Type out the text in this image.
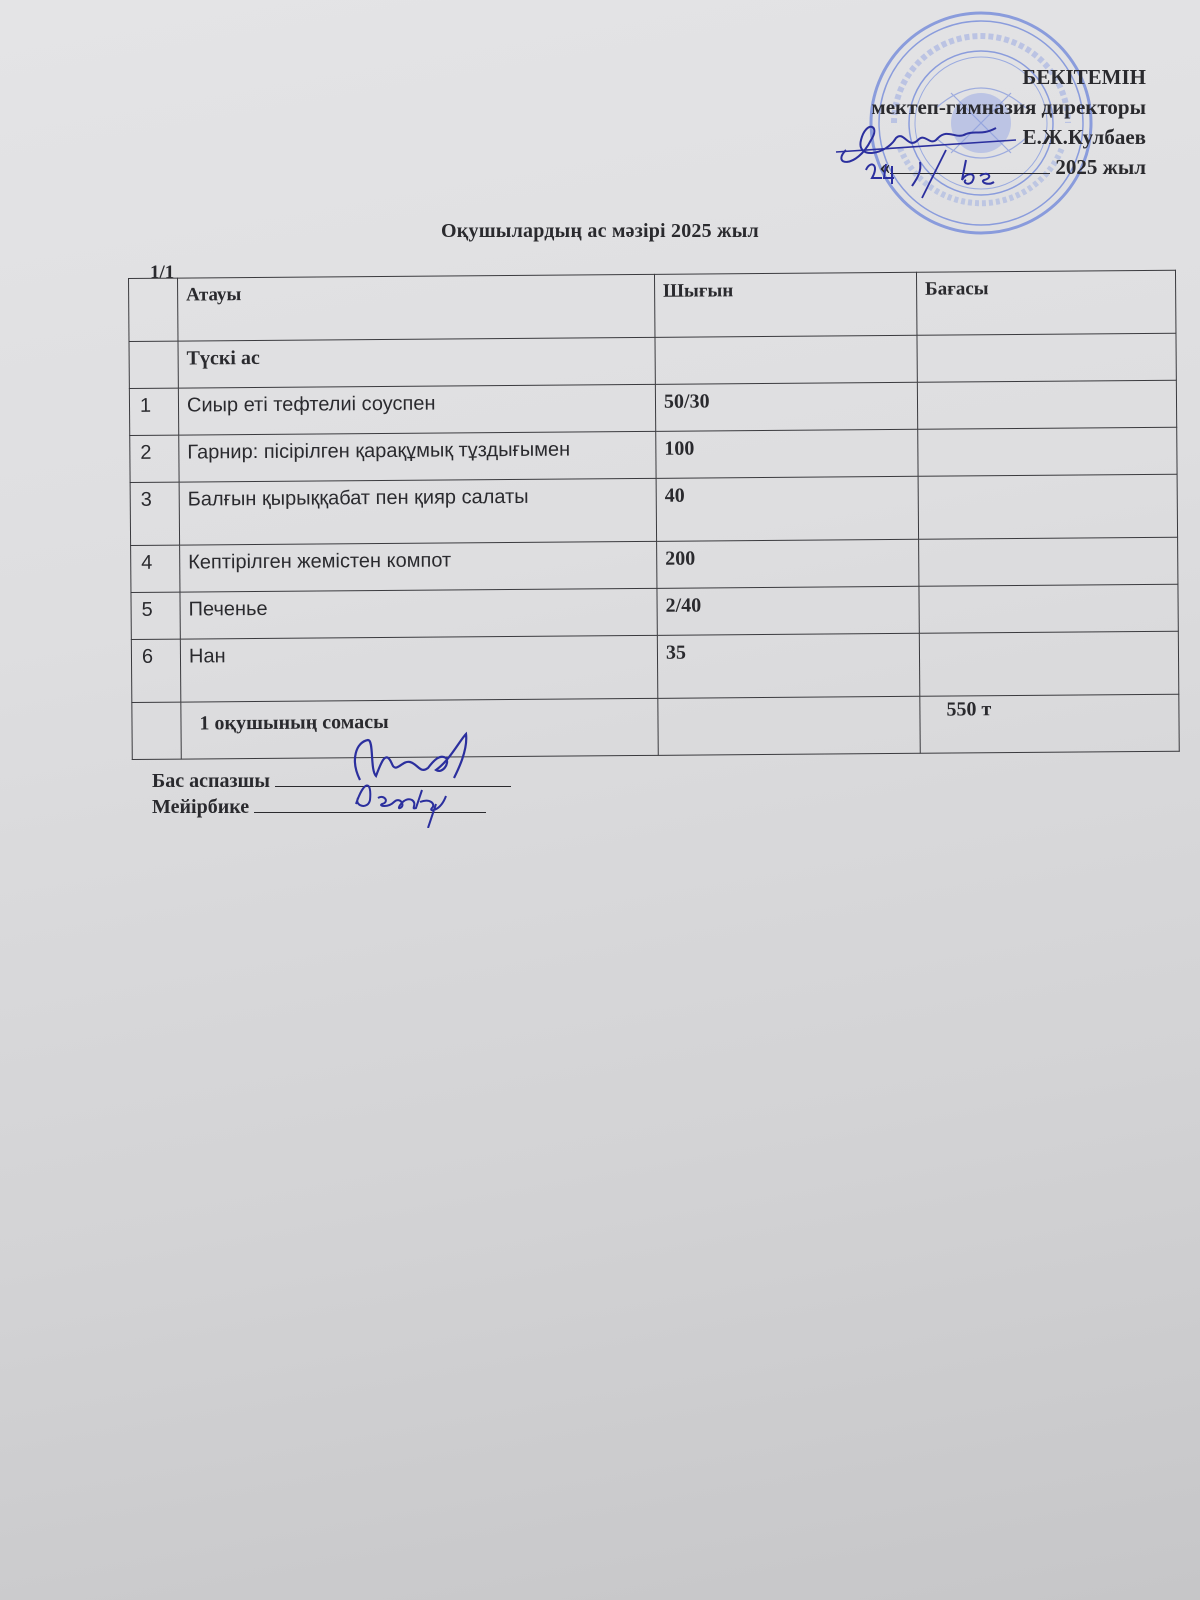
БЕКІТЕМІН
мектеп-гимназия директоры
Е.Ж.Кулбаев
«	2025 жыл
Оқушылардың ас мәзірі 2025 жыл
1/1
	Атауы	Шығын	Бағасы
	Түскі ас		
1	Сиыр еті тефтелиі соуспен	50/30	
2	Гарнир: пісірілген қарақұмық тұздығымен	100	
3	Балғын қырыққабат пен қияр салаты	40	
4	Кептірілген жемістен компот	200	
5	Печенье	2/40	
6	Нан	35	
	1 оқушының сомасы		550 т
Бас аспазшы
Мейірбике
